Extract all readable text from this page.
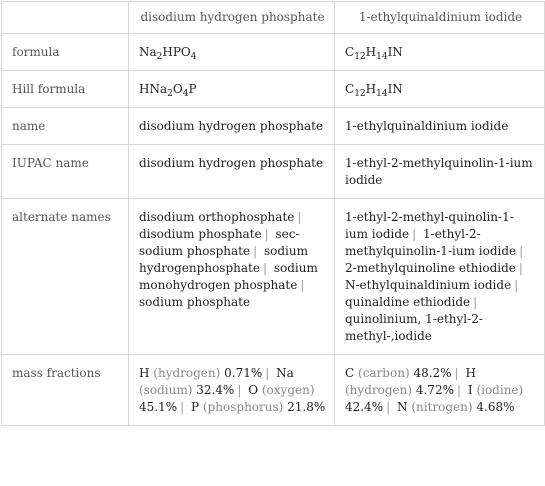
	disodium hydrogen phosphate	1-ethylquinaldinium iodide
formula	$Na_2HPO_4$	$C_{12}H_{14}IN$
Hill formula	$HNa_2O_4P$	$C_{12}H_{14}IN$
name	disodium hydrogen phosphate	1-ethylquinaldinium iodide
IUPAC name	disodium hydrogen phosphate	1-ethyl-2-methylquinolin-1-ium iodide
alternate names	disodium orthophosphate | disodium phosphate | sec-sodium phosphate | sodium hydrogenphosphate | sodium monohydrogen phosphate | sodium phosphate	1-ethyl-2-methyl-quinolin-1-ium iodide | 1-ethyl-2-methylquinolin-1-ium iodide | 2-methylquinoline ethiodide | N-ethylquinaldinium iodide | quinaldine ethiodide | quinolinium, 1-ethyl-2-methyl-,iodide
mass fractions	H (hydrogen) 0.71% | Na (sodium) 32.4% | O (oxygen) 45.1% | P (phosphorus) 21.8%	C (carbon) 48.2% | H (hydrogen) 4.72% | I (iodine) 42.4% | N (nitrogen) 4.68%
